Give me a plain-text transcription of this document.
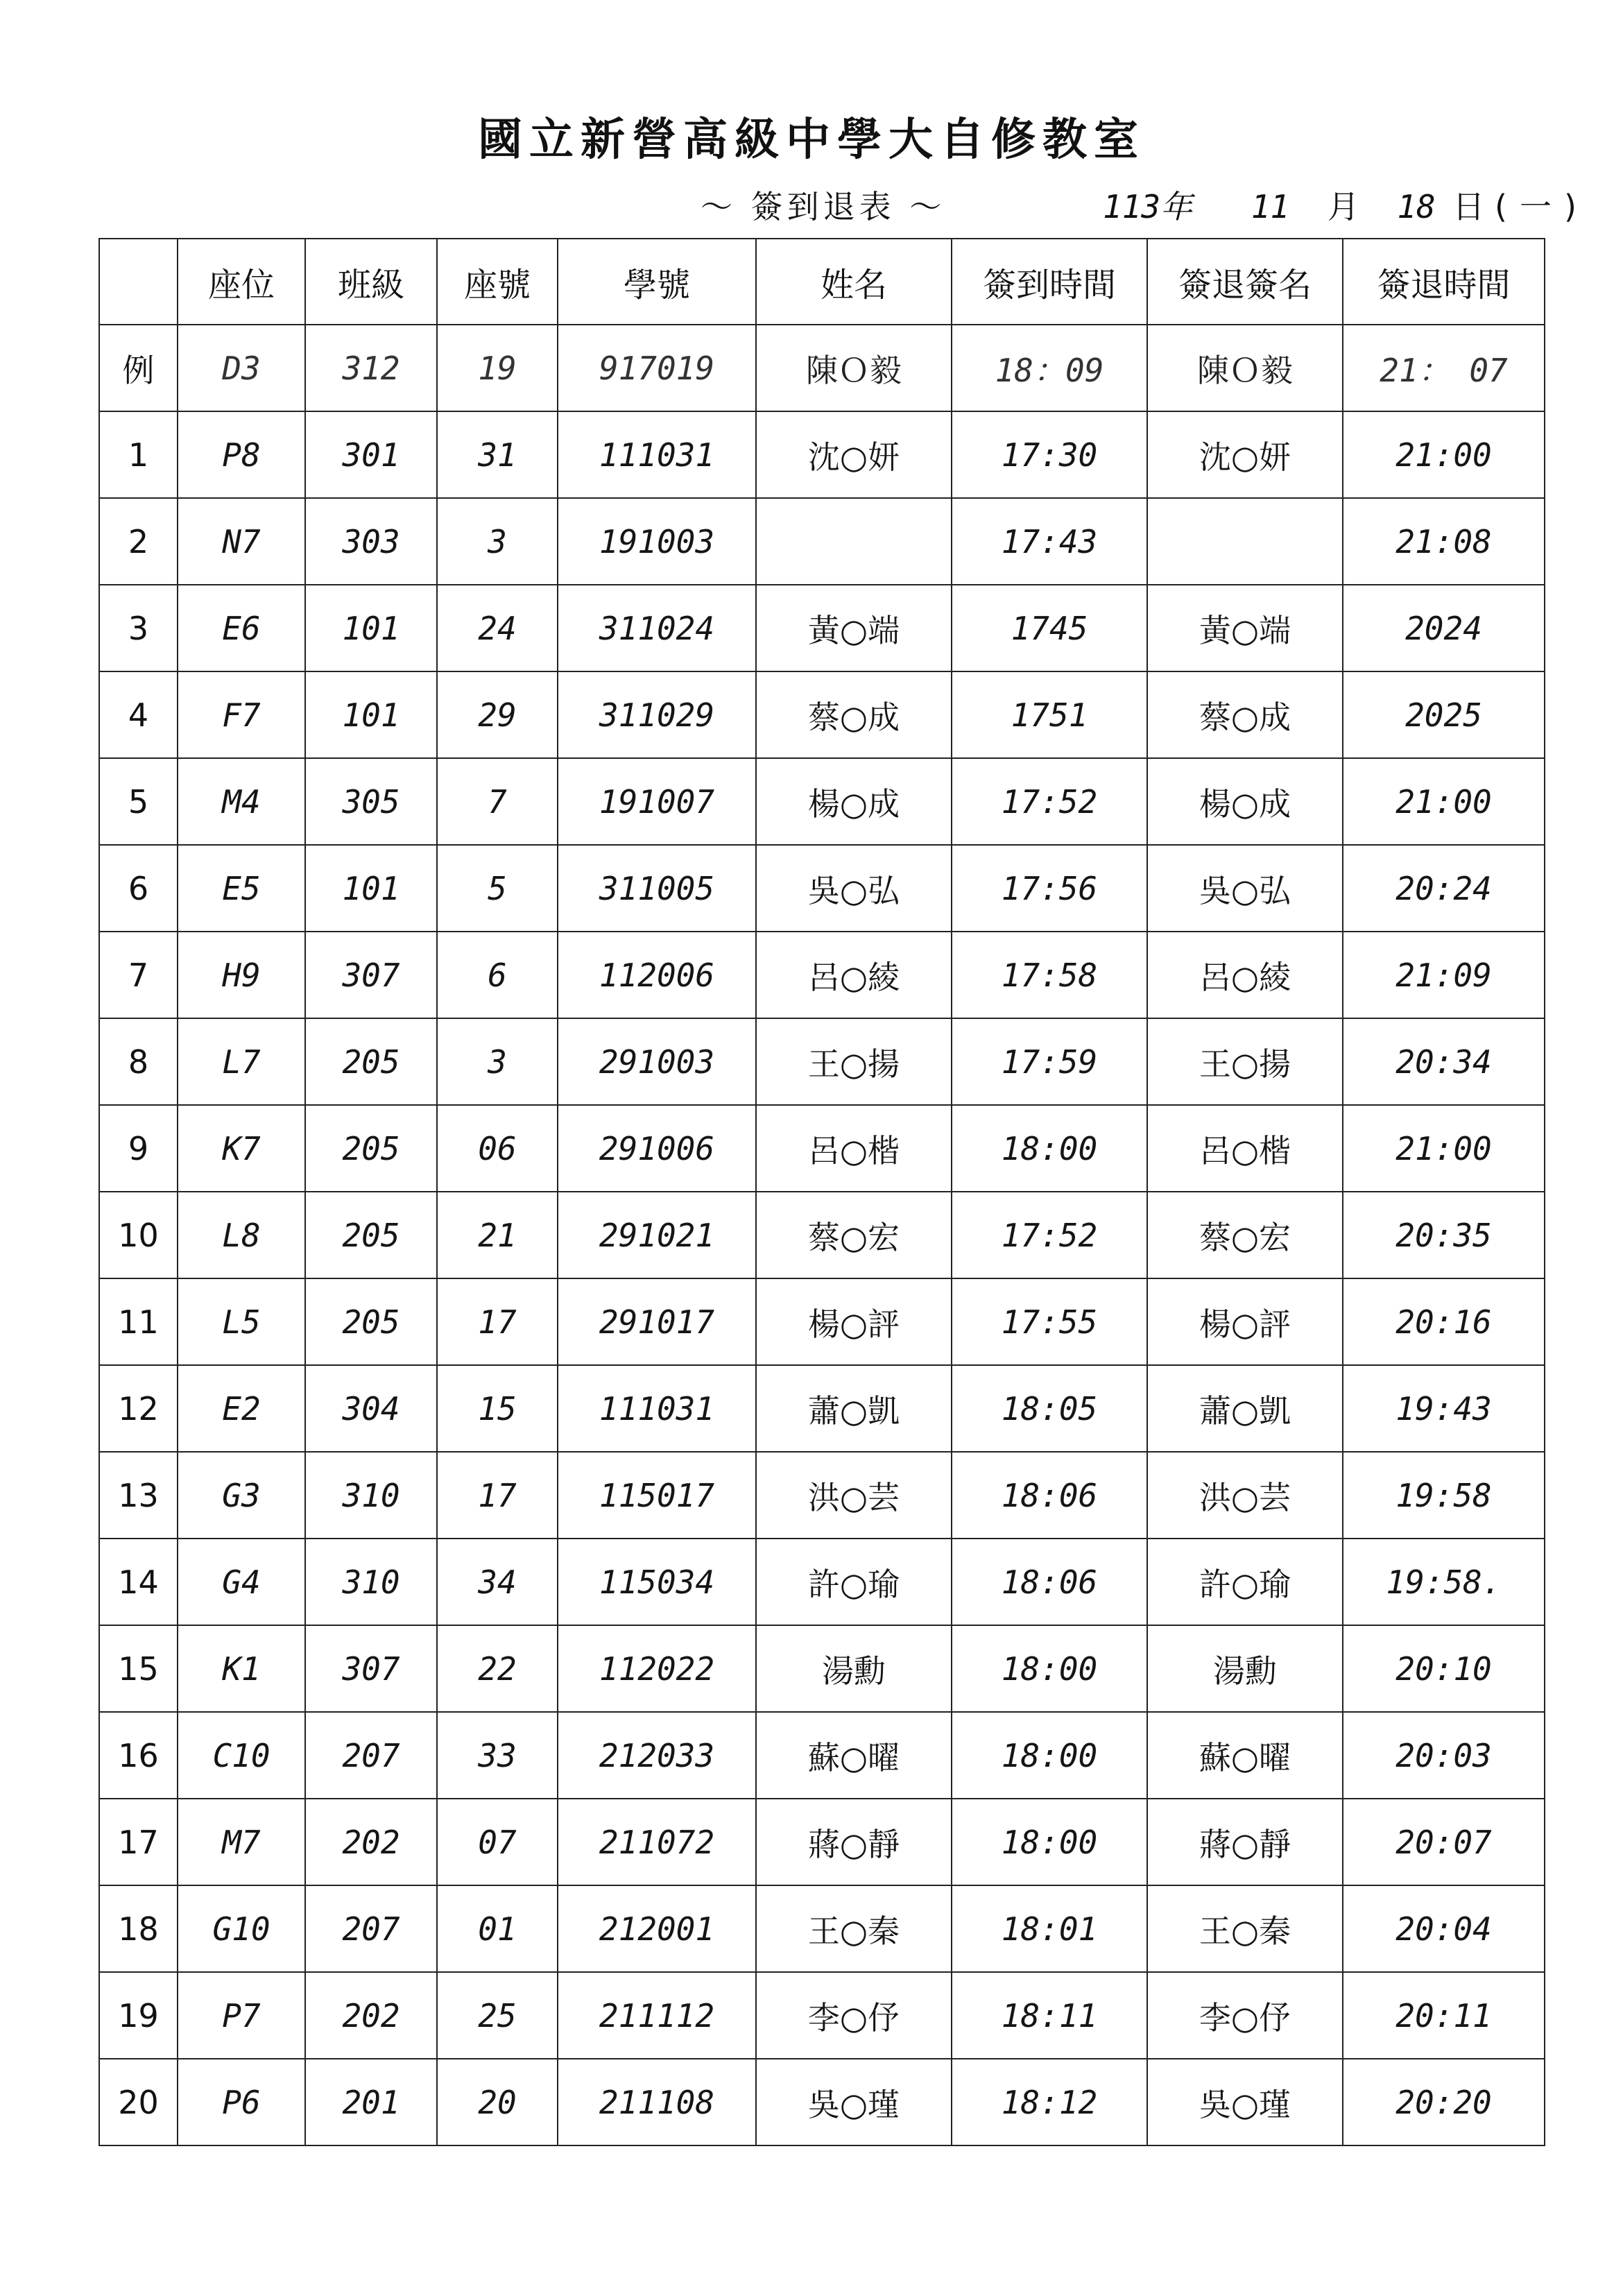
國立新營高級中學大自修教室
～ 簽到退表 ～	113年 11 月 18 日 (一)
	座位	班級	座號	學號	姓名	簽到時間	簽退簽名	簽退時間
例	D3	312	19	917019	陳Ｏ毅	18：09	陳Ｏ毅	21： 07
1	P8	301	31	111031	沈○妍	17:30	沈○妍	21:00
2	N7	303	3	191003		17:43		21:08
3	E6	101	24	311024	黃○端	1745	黃○端	2024
4	F7	101	29	311029	蔡○成	1751	蔡○成	2025
5	M4	305	7	191007	楊○成	17:52	楊○成	21:00
6	E5	101	5	311005	吳○弘	17:56	吳○弘	20:24
7	H9	307	6	112006	呂○綾	17:58	呂○綾	21:09
8	L7	205	3	291003	王○揚	17:59	王○揚	20:34
9	K7	205	06	291006	呂○楷	18:00	呂○楷	21:00
10	L8	205	21	291021	蔡○宏	17:52	蔡○宏	20:35
11	L5	205	17	291017	楊○評	17:55	楊○評	20:16
12	E2	304	15	111031	蕭○凱	18:05	蕭○凱	19:43
13	G3	310	17	115017	洪○芸	18:06	洪○芸	19:58
14	G4	310	34	115034	許○瑜	18:06	許○瑜	19:58.
15	K1	307	22	112022	湯勳	18:00	湯勳	20:10
16	C10	207	33	212033	蘇○曜	18:00	蘇○曜	20:03
17	M7	202	07	211072	蔣○靜	18:00	蔣○靜	20:07
18	G10	207	01	212001	王○秦	18:01	王○秦	20:04
19	P7	202	25	211112	李○伃	18:11	李○伃	20:11
20	P6	201	20	211108	吳○瑾	18:12	吳○瑾	20:20
